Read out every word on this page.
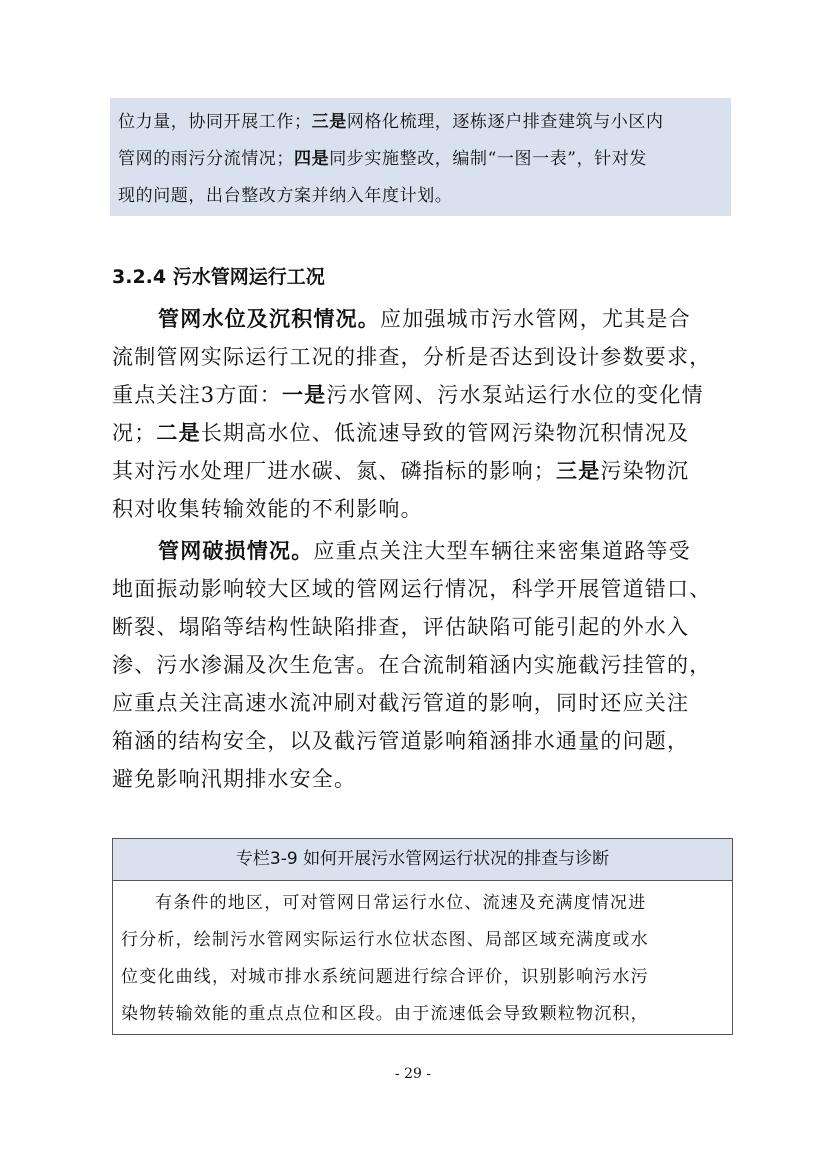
位力量，协同开展工作；三是网格化梳理，逐栋逐户排查建筑与小区内

管网的雨污分流情况；四是同步实施整改，编制“一图一表”，针对发

现的问题，出台整改方案并纳入年度计划。

3.2.4 污水管网运行工况
管网水位及沉积情况。应加强城市污水管网，尤其是合
流制管网实际运行工况的排查，分析是否达到设计参数要求，
重点关注3方面：一是污水管网、污水泵站运行水位的变化情
况；二是长期高水位、低流速导致的管网污染物沉积情况及
其对污水处理厂进水碳、氮、磷指标的影响；三是污染物沉
积对收集转输效能的不利影响。
管网破损情况。应重点关注大型车辆往来密集道路等受
地面振动影响较大区域的管网运行情况，科学开展管道错口、
断裂、塌陷等结构性缺陷排查，评估缺陷可能引起的外水入
渗、污水渗漏及次生危害。在合流制箱涵内实施截污挂管的，
应重点关注高速水流冲刷对截污管道的影响，同时还应关注
箱涵的结构安全，以及截污管道影响箱涵排水通量的问题，
避免影响汛期排水安全。
专栏3-9 如何开展污水管网运行状况的排查与诊断

有条件的地区，可对管网日常运行水位、流速及充满度情况进

行分析，绘制污水管网实际运行水位状态图、局部区域充满度或水

位变化曲线，对城市排水系统问题进行综合评价，识别影响污水污

染物转输效能的重点点位和区段。由于流速低会导致颗粒物沉积，

- 29 -
